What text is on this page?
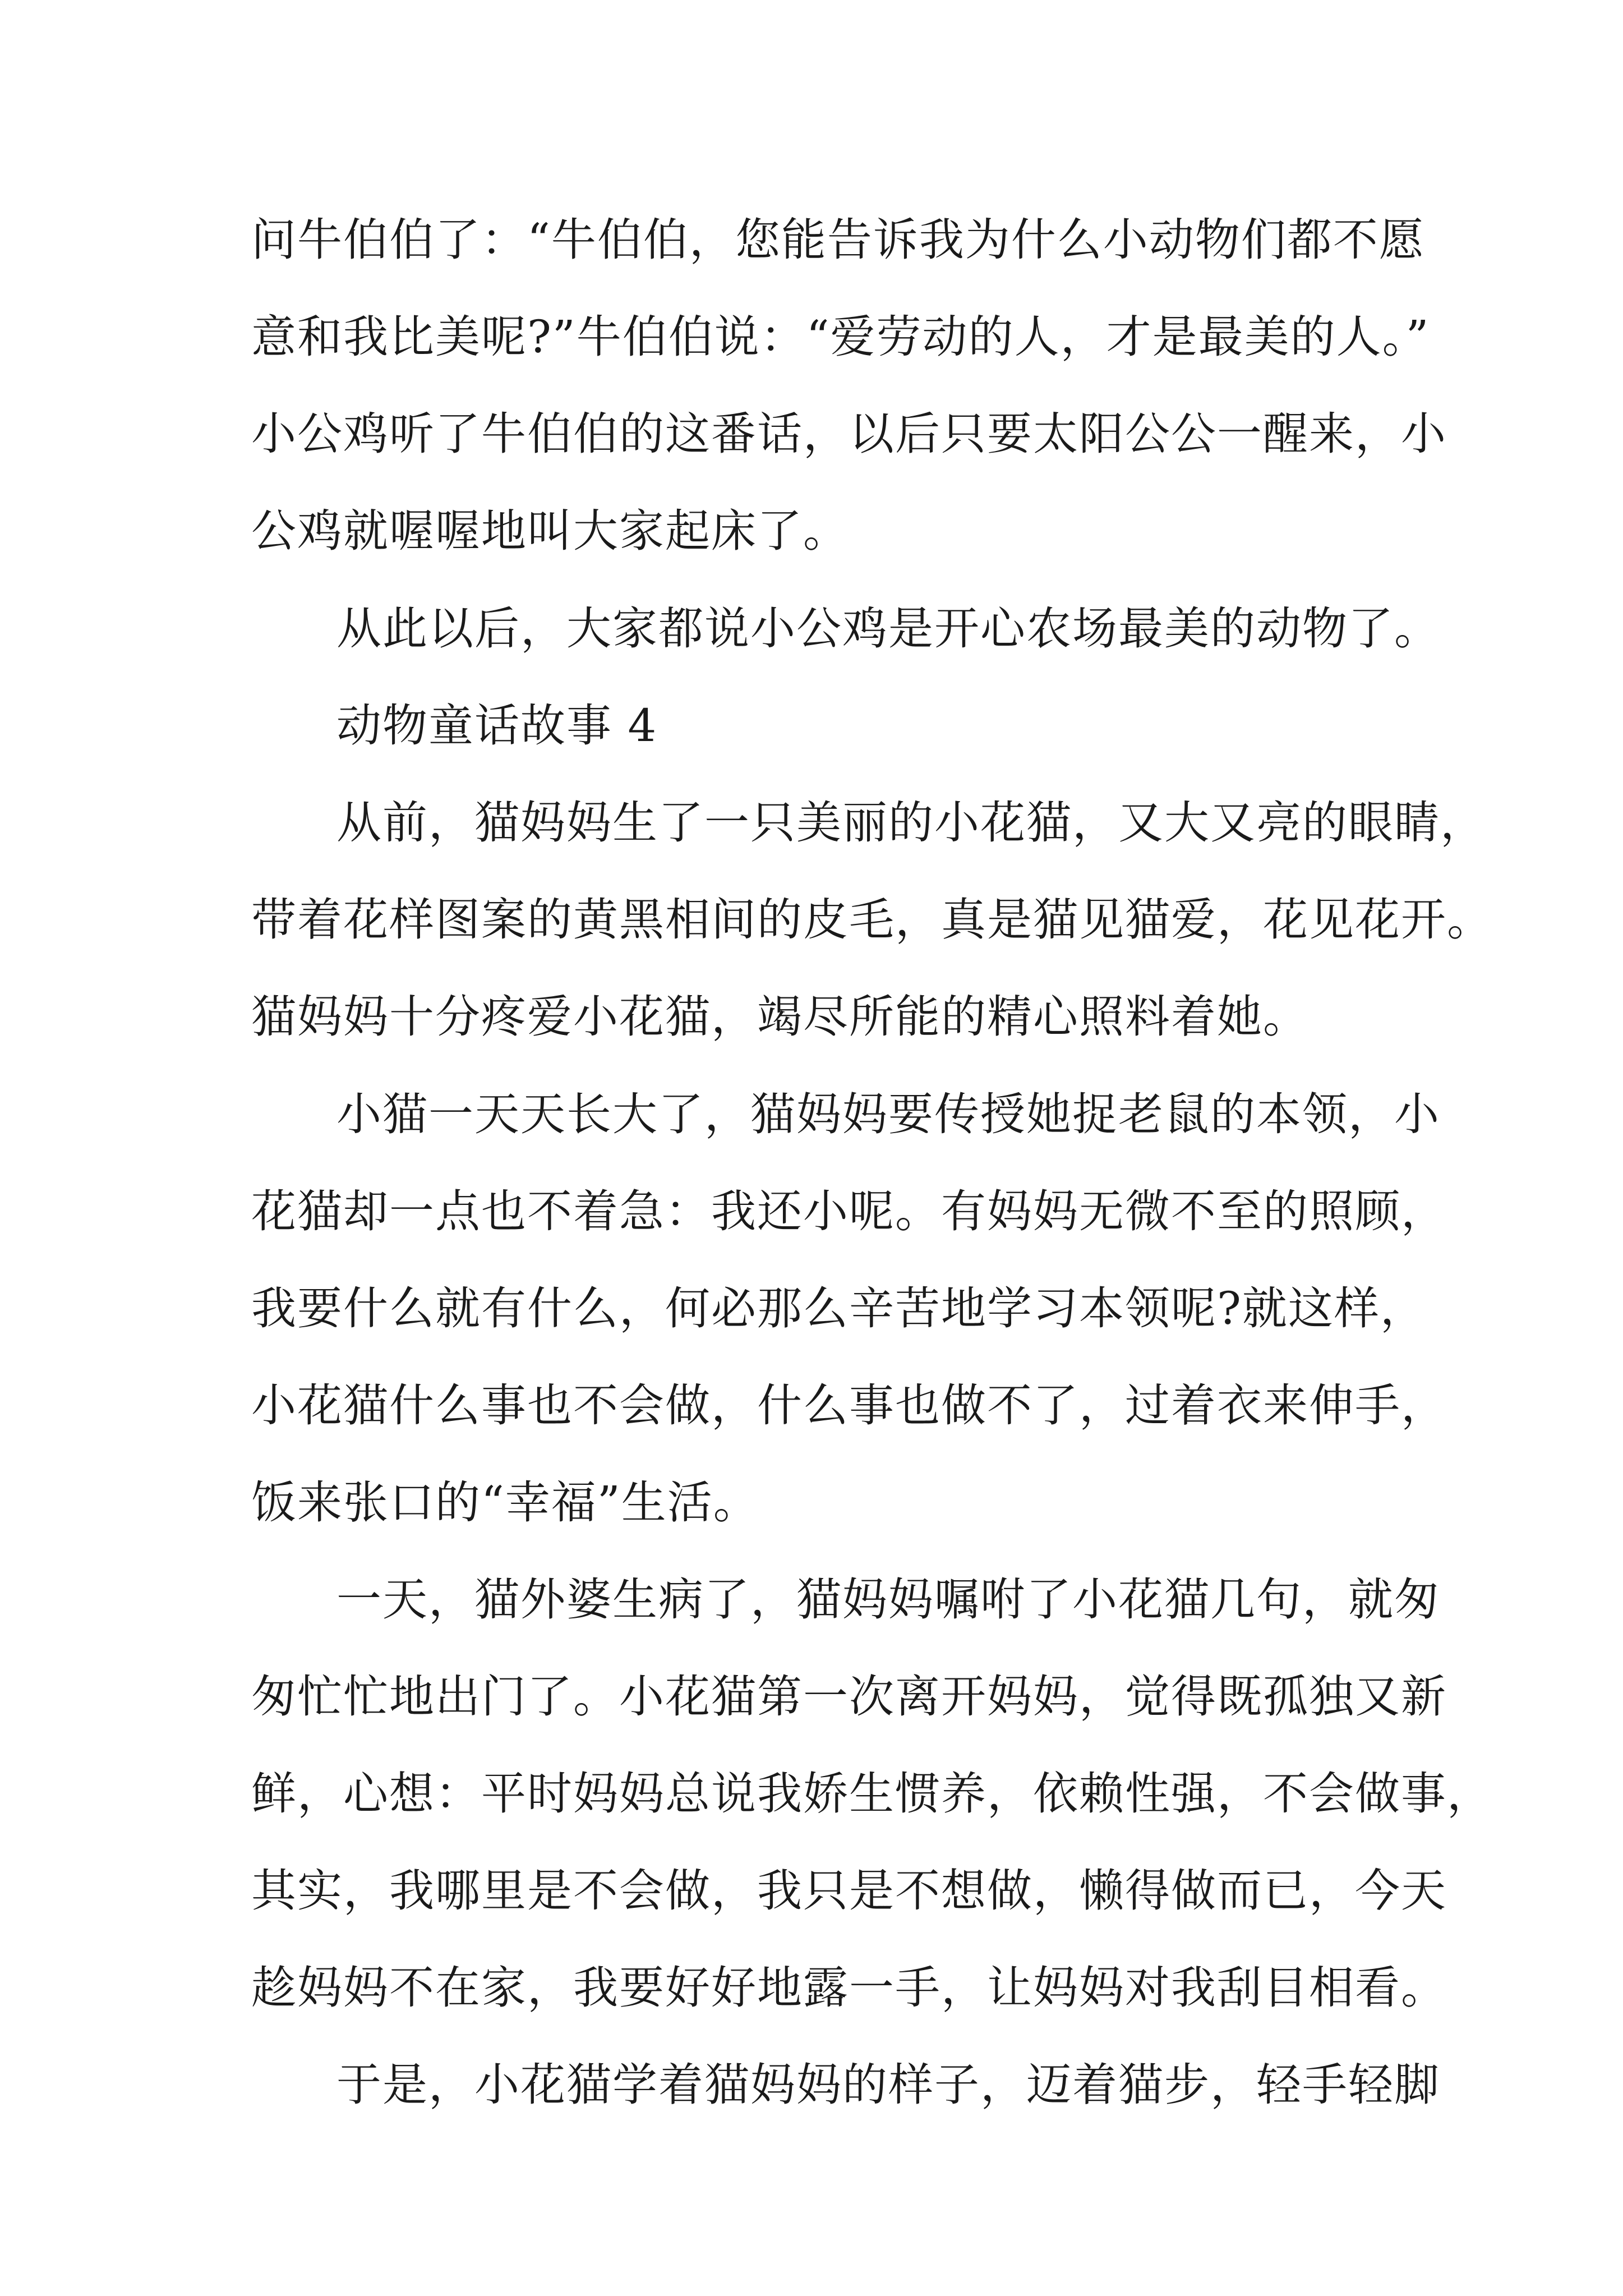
问牛伯伯了：“牛伯伯，您能告诉我为什么小动物们都不愿

意和我比美呢?”牛伯伯说：“爱劳动的人，才是最美的人。”

小公鸡听了牛伯伯的这番话，以后只要太阳公公一醒来，小

公鸡就喔喔地叫大家起床了。

从此以后，大家都说小公鸡是开心农场最美的动物了。

动物童话故事 4

从前，猫妈妈生了一只美丽的小花猫，又大又亮的眼睛，

带着花样图案的黄黑相间的皮毛，真是猫见猫爱，花见花开。

猫妈妈十分疼爱小花猫，竭尽所能的精心照料着她。

小猫一天天长大了，猫妈妈要传授她捉老鼠的本领，小

花猫却一点也不着急：我还小呢。有妈妈无微不至的照顾，

我要什么就有什么，何必那么辛苦地学习本领呢?就这样，

小花猫什么事也不会做，什么事也做不了，过着衣来伸手，

饭来张口的“幸福”生活。

一天，猫外婆生病了，猫妈妈嘱咐了小花猫几句，就匆

匆忙忙地出门了。小花猫第一次离开妈妈，觉得既孤独又新

鲜，心想：平时妈妈总说我娇生惯养，依赖性强，不会做事，

其实，我哪里是不会做，我只是不想做，懒得做而已，今天

趁妈妈不在家，我要好好地露一手，让妈妈对我刮目相看。

于是，小花猫学着猫妈妈的样子，迈着猫步，轻手轻脚
